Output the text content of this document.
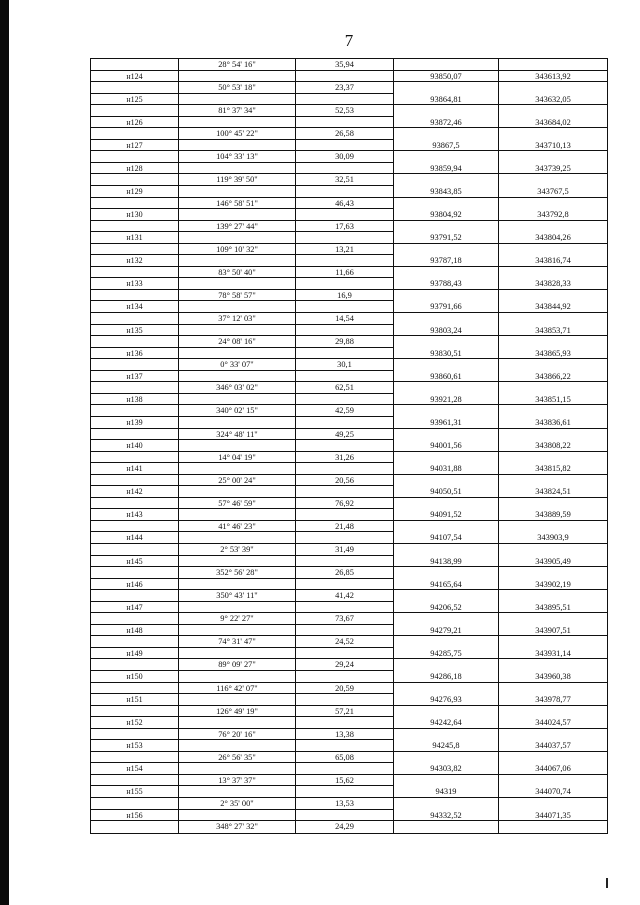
7
28° 54' 16"	35,94
н124	93850,07	343613,92
50° 53' 18"	23,37
н125	93864,81	343632,05
81° 37' 34"	52,53
н126	93872,46	343684,02
100° 45' 22"	26,58
н127	93867,5	343710,13
104° 33' 13"	30,09
н128	93859,94	343739,25
119° 39' 50"	32,51
н129	93843,85	343767,5
146° 58' 51"	46,43
н130	93804,92	343792,8
139° 27' 44"	17,63
н131	93791,52	343804,26
109° 10' 32"	13,21
н132	93787,18	343816,74
83° 50' 40"	11,66
н133	93788,43	343828,33
78° 58' 57"	16,9
н134	93791,66	343844,92
37° 12' 03"	14,54
н135	93803,24	343853,71
24° 08' 16"	29,88
н136	93830,51	343865,93
0° 33' 07"	30,1
н137	93860,61	343866,22
346° 03' 02"	62,51
н138	93921,28	343851,15
340° 02' 15"	42,59
н139	93961,31	343836,61
324° 48' 11"	49,25
н140	94001,56	343808,22
14° 04' 19"	31,26
н141	94031,88	343815,82
25° 00' 24"	20,56
н142	94050,51	343824,51
57° 46' 59"	76,92
н143	94091,52	343889,59
41° 46' 23"	21,48
н144	94107,54	343903,9
2° 53' 39"	31,49
н145	94138,99	343905,49
352° 56' 28"	26,85
н146	94165,64	343902,19
350° 43' 11"	41,42
н147	94206,52	343895,51
9° 22' 27"	73,67
н148	94279,21	343907,51
74° 31' 47"	24,52
н149	94285,75	343931,14
89° 09' 27"	29,24
н150	94286,18	343960,38
116° 42' 07"	20,59
н151	94276,93	343978,77
126° 49' 19"	57,21
н152	94242,64	344024,57
76° 20' 16"	13,38
н153	94245,8	344037,57
26° 56' 35"	65,08
н154	94303,82	344067,06
13° 37' 37"	15,62
н155	94319	344070,74
2° 35' 00"	13,53
н156	94332,52	344071,35
348° 27' 32"	24,29
